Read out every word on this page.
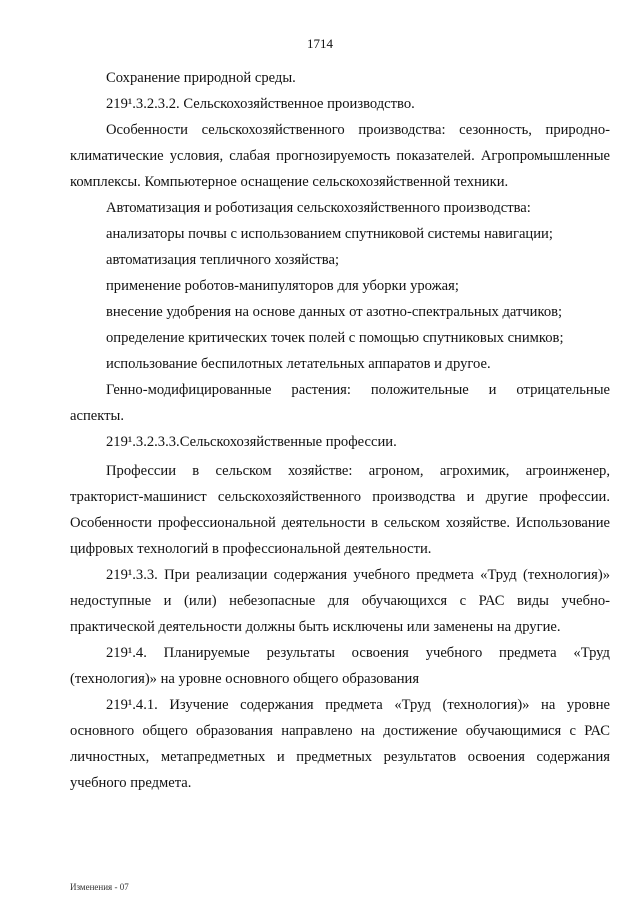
1714
Сохранение природной среды.
219¹.3.2.3.2. Сельскохозяйственное производство.
Особенности сельскохозяйственного производства: сезонность, природно-
климатические условия, слабая прогнозируемость показателей. Агропромышленные
комплексы. Компьютерное оснащение сельскохозяйственной техники.
Автоматизация и роботизация сельскохозяйственного производства:
анализаторы почвы с использованием спутниковой системы навигации;
автоматизация тепличного хозяйства;
применение роботов-манипуляторов для уборки урожая;
внесение удобрения на основе данных от азотно-спектральных датчиков;
определение критических точек полей с помощью спутниковых снимков;
использование беспилотных летательных аппаратов и другое.
Генно-модифицированные растения: положительные и отрицательные
аспекты.
219¹.3.2.3.3.Сельскохозяйственные профессии.
Профессии в сельском хозяйстве: агроном, агрохимик, агроинженер,
тракторист-машинист сельскохозяйственного производства и другие профессии.
Особенности профессиональной деятельности в сельском хозяйстве. Использование
цифровых технологий в профессиональной деятельности.
219¹.3.3. При реализации содержания учебного предмета «Труд (технология)»
недоступные и (или) небезопасные для обучающихся с РАС виды учебно-
практической деятельности должны быть исключены или заменены на другие.
219¹.4. Планируемые результаты освоения учебного предмета «Труд
(технология)» на уровне основного общего образования
219¹.4.1. Изучение содержания предмета «Труд (технология)» на уровне
основного общего образования направлено на достижение обучающимися с РАС
личностных, метапредметных и предметных результатов освоения содержания
учебного предмета.
Изменения - 07
